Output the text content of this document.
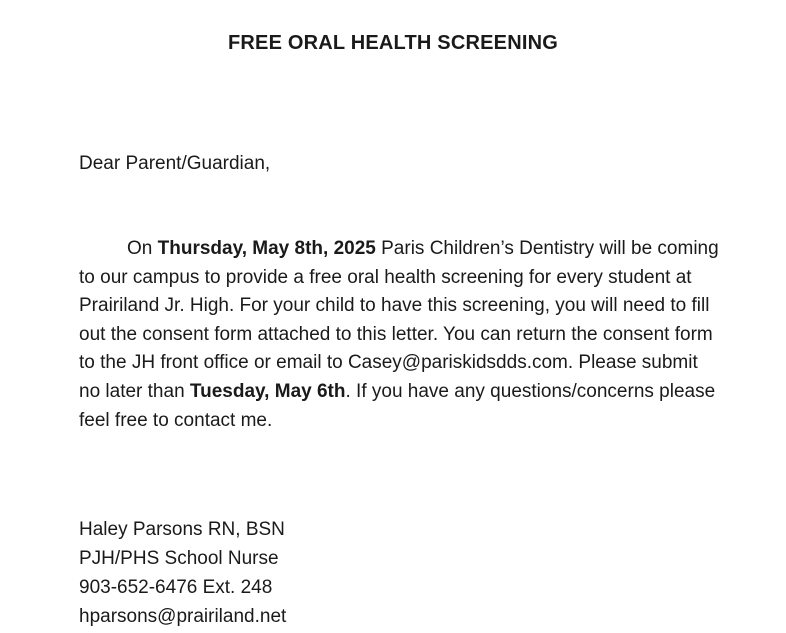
FREE ORAL HEALTH SCREENING

Dear Parent/Guardian,

On Thursday, May 8th, 2025 Paris Children’s Dentistry will be coming to our campus to provide a free oral health screening for every student at Prairiland Jr. High. For your child to have this screening, you will need to fill out the consent form attached to this letter. You can return the consent form to the JH front office or email to Casey@pariskidsdds.com. Please submit no later than Tuesday, May 6th. If you have any questions/concerns please feel free to contact me.

Haley Parsons RN, BSN
PJH/PHS School Nurse
903-652-6476 Ext. 248
hparsons@prairiland.net
